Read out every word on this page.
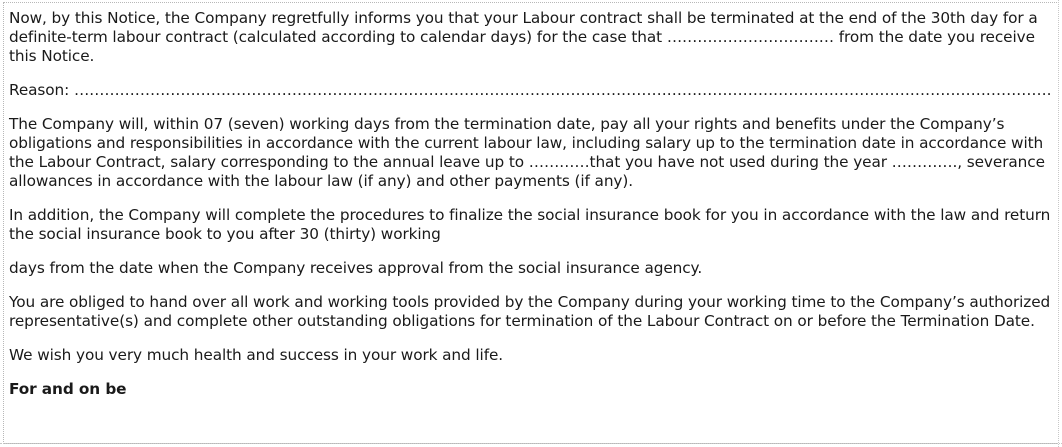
Now, by this Notice, the Company regretfully informs you that your Labour contract shall be terminated at the end of the 30th day for a definite-term labour contract (calculated according to calendar days) for the case that …………………………… from the date you receive this Notice.

Reason: ………………………………………………………………………………………………………………………………………………………………………….

The Company will, within 07 (seven) working days from the termination date, pay all your rights and benefits under the Company’s obligations and responsibilities in accordance with the current labour law, including salary up to the termination date in accordance with the Labour Contract, salary corresponding to the annual leave up to …………that you have not used during the year …………., severance allowances in accordance with the labour law (if any) and other payments (if any).

In addition, the Company will complete the procedures to finalize the social insurance book for you in accordance with the law and return the social insurance book to you after 30 (thirty) working

days from the date when the Company receives approval from the social insurance agency.

You are obliged to hand over all work and working tools provided by the Company during your working time to the Company’s authorized representative(s) and complete other outstanding obligations for termination of the Labour Contract on or before the Termination Date.

We wish you very much health and success in your work and life.

For and on be
